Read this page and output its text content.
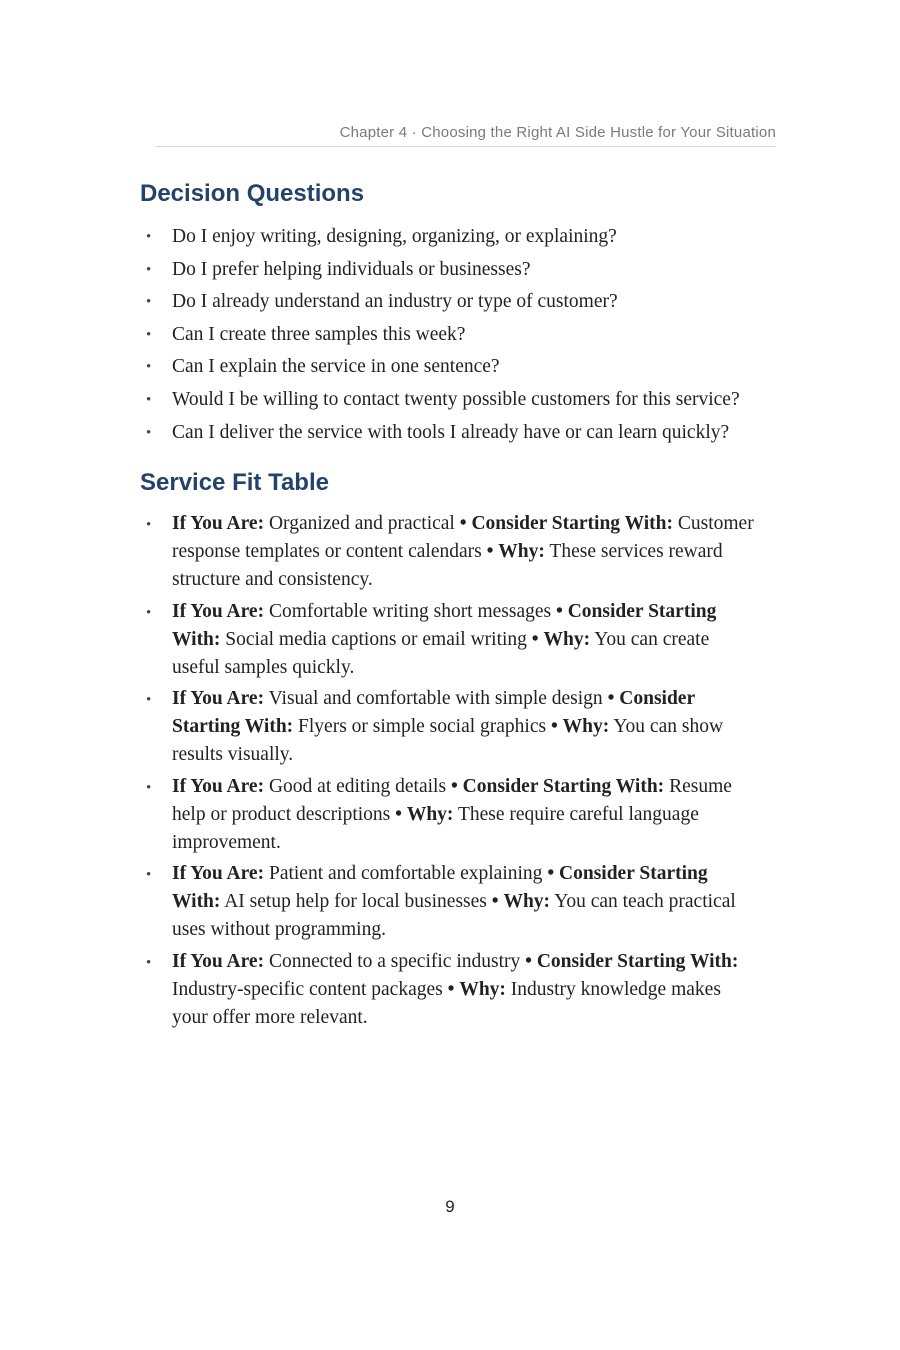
Chapter 4 · Choosing the Right AI Side Hustle for Your Situation
Decision Questions
• Do I enjoy writing, designing, organizing, or explaining?
• Do I prefer helping individuals or businesses?
• Do I already understand an industry or type of customer?
• Can I create three samples this week?
• Can I explain the service in one sentence?
• Would I be willing to contact twenty possible customers for this service?
• Can I deliver the service with tools I already have or can learn quickly?
Service Fit Table
• If You Are: Organized and practical • Consider Starting With: Customer response templates or content calendars • Why: These services reward structure and consistency.
• If You Are: Comfortable writing short messages • Consider Starting With: Social media captions or email writing • Why: You can create useful samples quickly.
• If You Are: Visual and comfortable with simple design • Consider Starting With: Flyers or simple social graphics • Why: You can show results visually.
• If You Are: Good at editing details • Consider Starting With: Resume help or product descriptions • Why: These require careful language improvement.
• If You Are: Patient and comfortable explaining • Consider Starting With: AI setup help for local businesses • Why: You can teach practical uses without programming.
• If You Are: Connected to a specific industry • Consider Starting With: Industry-specific content packages • Why: Industry knowledge makes your offer more relevant.
9
